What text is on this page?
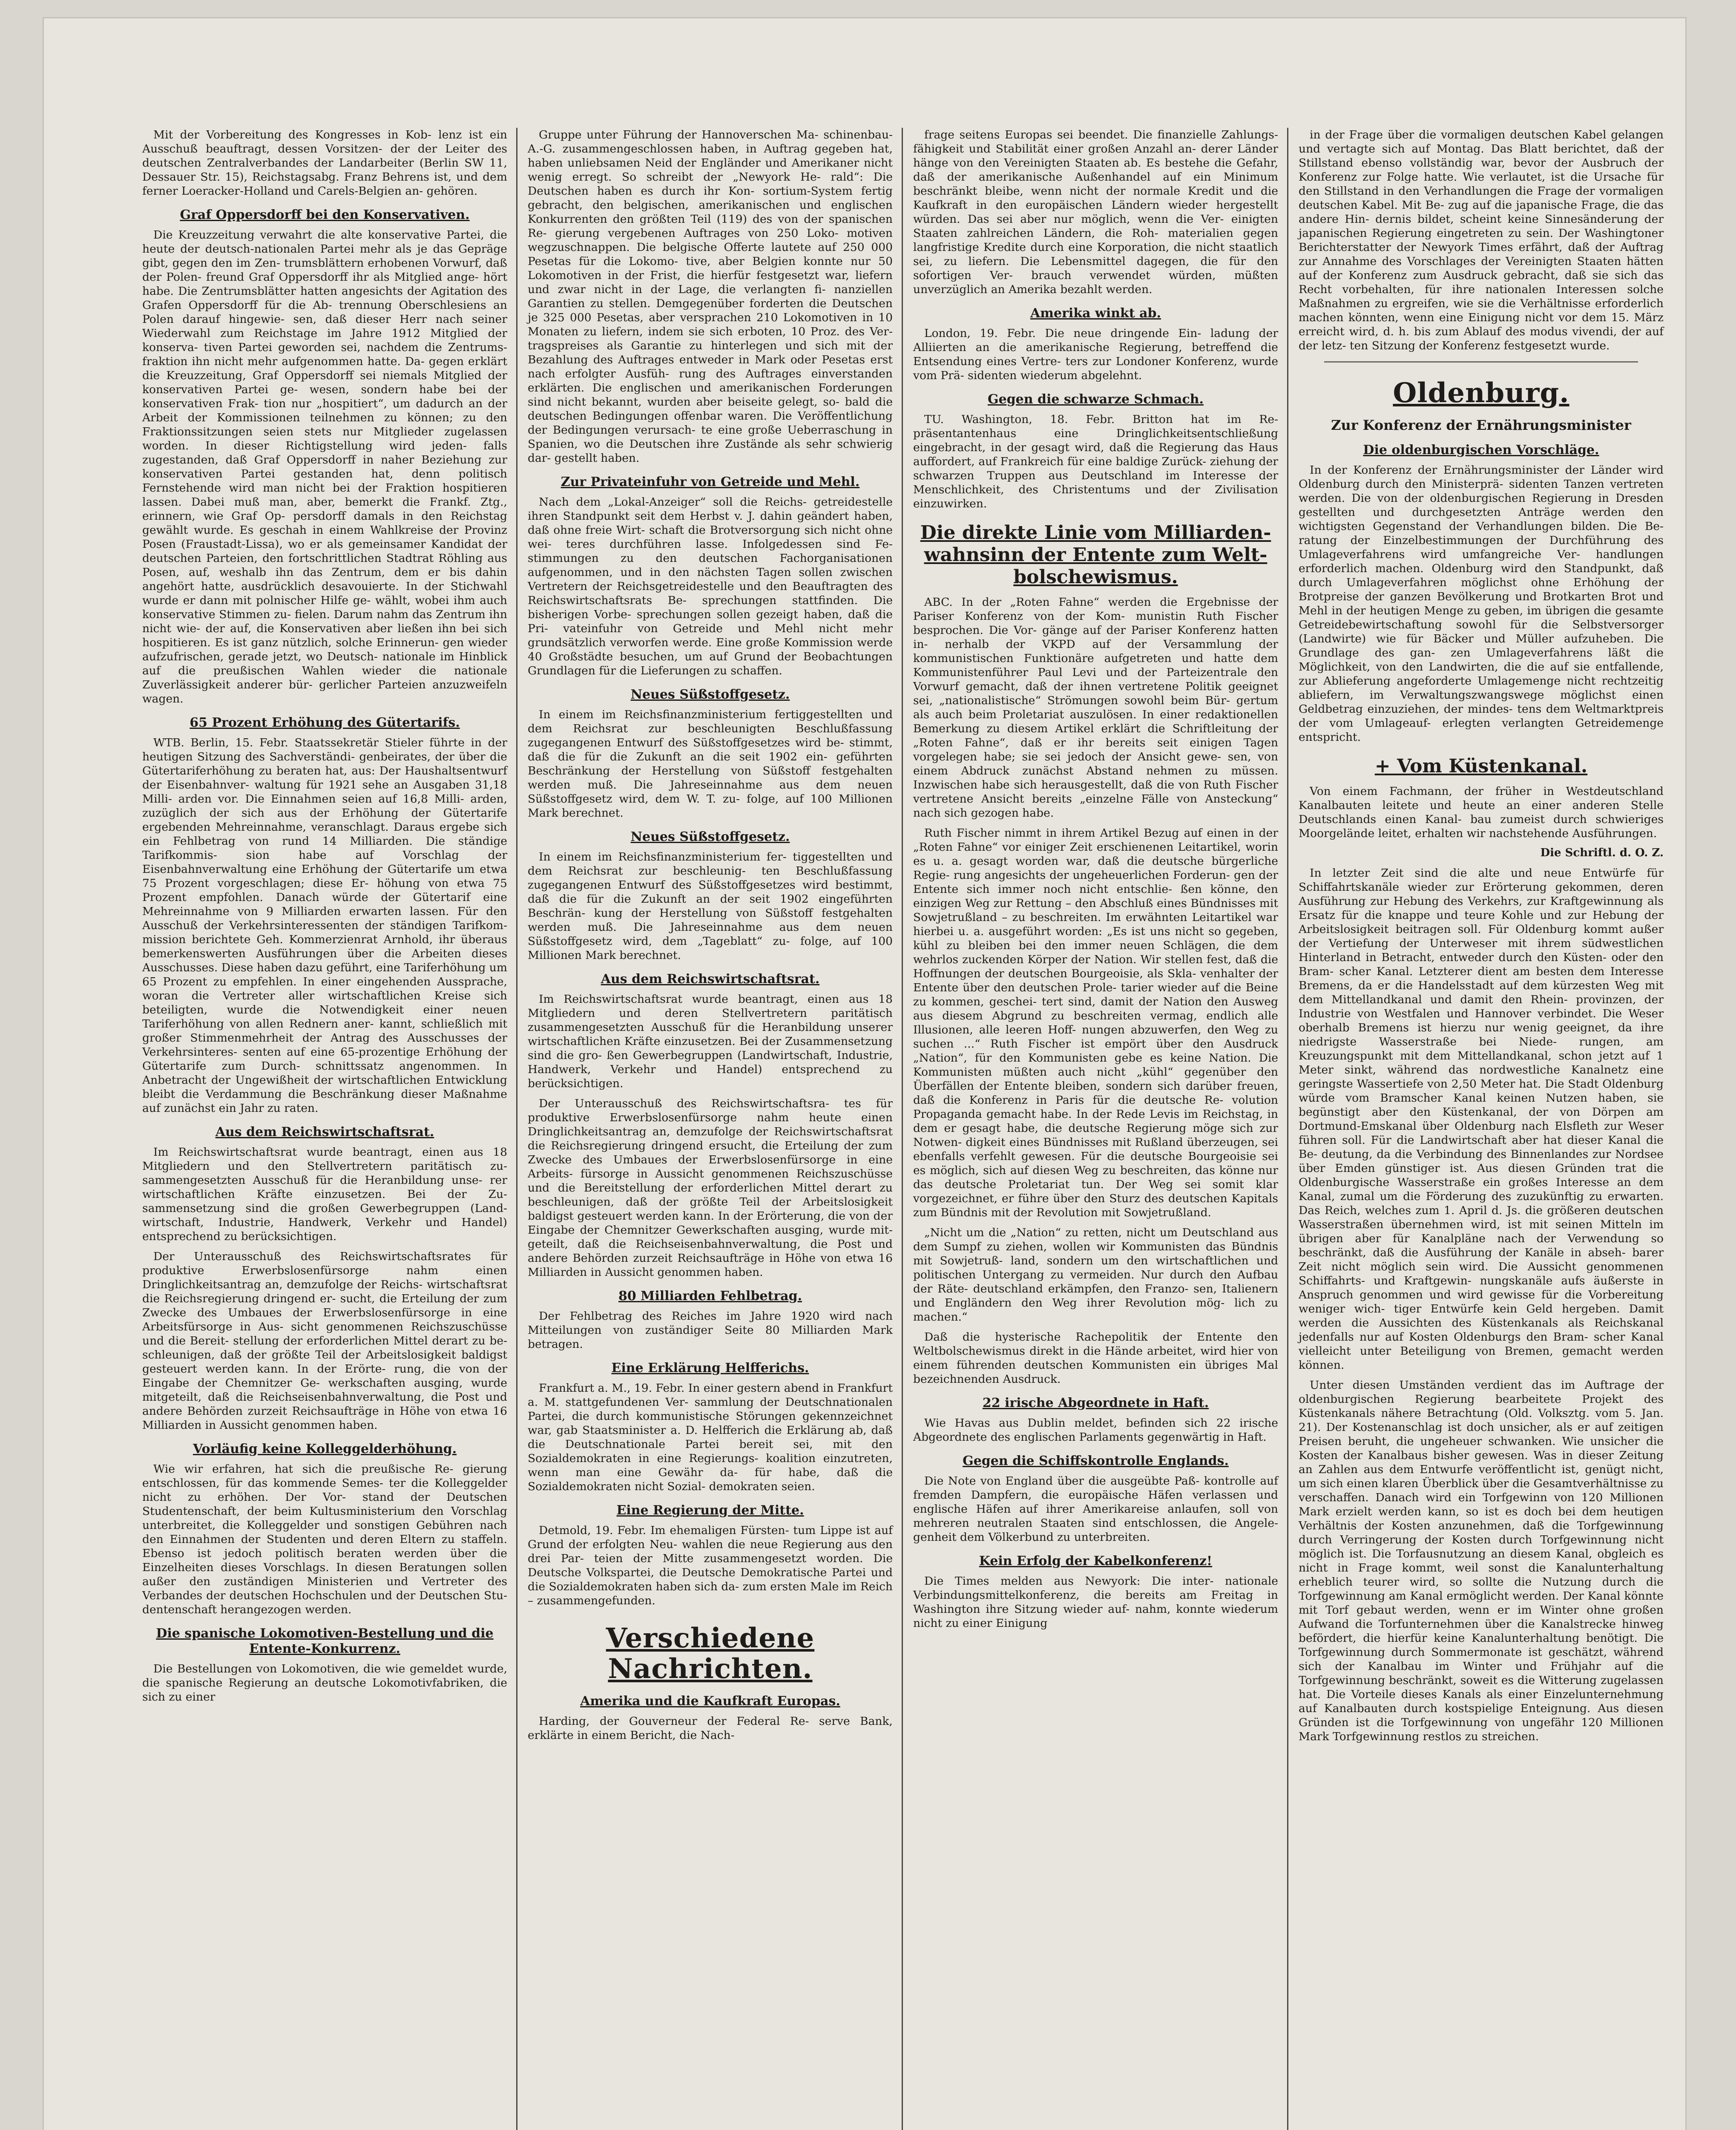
Mit der Vorbereitung des Kongresses in Kob- lenz ist ein Ausschuß beauftragt, dessen Vorsitzen- der der Leiter des deutschen Zentralverbandes der Landarbeiter (Berlin SW 11, Dessauer Str. 15), Reichstagsabg. Franz Behrens ist, und dem ferner Loeracker-Holland und Carels-Belgien an- gehören.

Graf Oppersdorff bei den Konservativen.

Die Kreuzzeitung verwahrt die alte konservative Partei, die heute der deutsch-nationalen Partei mehr als je das Gepräge gibt, gegen den im Zen- trumsblättern erhobenen Vorwurf, daß der Polen- freund Graf Oppersdorff ihr als Mitglied ange- hört habe. Die Zentrumsblätter hatten angesichts der Agitation des Grafen Oppersdorff für die Ab- trennung Oberschlesiens an Polen darauf hingewie- sen, daß dieser Herr nach seiner Wiederwahl zum Reichstage im Jahre 1912 Mitglied der konserva- tiven Partei geworden sei, nachdem die Zentrums- fraktion ihn nicht mehr aufgenommen hatte. Da- gegen erklärt die Kreuzzeitung, Graf Oppersdorff sei niemals Mitglied der konservativen Partei ge- wesen, sondern habe bei der konservativen Frak- tion nur „hospitiert“, um dadurch an der Arbeit der Kommissionen teilnehmen zu können; zu den Fraktionssitzungen seien stets nur Mitglieder zugelassen worden. In dieser Richtigstellung wird jeden- falls zugestanden, daß Graf Oppersdorff in naher Beziehung zur konservativen Partei gestanden hat, denn politisch Fernstehende wird man nicht bei der Fraktion hospitieren lassen. Dabei muß man, aber, bemerkt die Frankf. Ztg., erinnern, wie Graf Op- persdorff damals in den Reichstag gewählt wurde. Es geschah in einem Wahlkreise der Provinz Posen (Fraustadt-Lissa), wo er als gemeinsamer Kandidat der deutschen Parteien, den fortschrittlichen Stadtrat Röhling aus Posen, auf, weshalb ihn das Zentrum, dem er bis dahin angehört hatte, ausdrücklich desavouierte. In der Stichwahl wurde er dann mit polnischer Hilfe ge- wählt, wobei ihm auch konservative Stimmen zu- fielen. Darum nahm das Zentrum ihn nicht wie- der auf, die Konservativen aber ließen ihn bei sich hospitieren. Es ist ganz nützlich, solche Erinnerun- gen wieder aufzufrischen, gerade jetzt, wo Deutsch- nationale im Hinblick auf die preußischen Wahlen wieder die nationale Zuverlässigkeit anderer bür- gerlicher Parteien anzuzweifeln wagen.

65 Prozent Erhöhung des Gütertarifs.

WTB. Berlin, 15. Febr. Staatssekretär Stieler führte in der heutigen Sitzung des Sachverständi- genbeirates, der über die Gütertariferhöhung zu beraten hat, aus: Der Haushaltsentwurf der Eisenbahnver- waltung für 1921 sehe an Ausgaben 31,18 Milli- arden vor. Die Einnahmen seien auf 16,8 Milli- arden, zuzüglich der sich aus der Erhöhung der Gütertarife ergebenden Mehreinnahme, veranschlagt. Daraus ergebe sich ein Fehlbetrag von rund 14 Milliarden. Die ständige Tarifkommis- sion habe auf Vorschlag der Eisenbahnverwaltung eine Erhöhung der Gütertarife um etwa 75 Prozent vorgeschlagen; diese Er- höhung von etwa 75 Prozent empfohlen. Danach würde der Gütertarif eine Mehreinnahme von 9 Milliarden erwarten lassen. Für den Ausschuß der Verkehrsinteressenten der ständigen Tarifkom- mission berichtete Geh. Kommerzienrat Arnhold, ihr überaus bemerkenswerten Ausführungen über die Arbeiten dieses Ausschusses. Diese haben dazu geführt, eine Tariferhöhung um 65 Prozent zu empfehlen. In einer eingehenden Aussprache, woran die Vertreter aller wirtschaftlichen Kreise sich beteiligten, wurde die Notwendigkeit einer neuen Tariferhöhung von allen Rednern aner- kannt, schließlich mit großer Stimmenmehrheit der Antrag des Ausschusses der Verkehrsinteres- senten auf eine 65-prozentige Erhöhung der Gütertarife zum Durch- schnittssatz angenommen. In Anbetracht der Ungewißheit der wirtschaftlichen Entwicklung bleibt die Verdammung die Beschränkung dieser Maßnahme auf zunächst ein Jahr zu raten.

Aus dem Reichswirtschaftsrat.

Im Reichswirtschaftsrat wurde beantragt, einen aus 18 Mitgliedern und den Stellvertretern paritätisch zu- sammengesetzten Ausschuß für die Heranbildung unse- rer wirtschaftlichen Kräfte einzusetzen. Bei der Zu- sammensetzung sind die großen Gewerbegruppen (Land- wirtschaft, Industrie, Handwerk, Verkehr und Handel) entsprechend zu berücksichtigen.

Der Unterausschuß des Reichswirtschaftsrates für produktive Erwerbslosenfürsorge nahm einen Dringlichkeitsantrag an, demzufolge der Reichs- wirtschaftsrat die Reichsregierung dringend er- sucht, die Erteilung der zum Zwecke des Umbaues der Erwerbslosenfürsorge in eine Arbeitsfürsorge in Aus- sicht genommenen Reichszuschüsse und die Bereit- stellung der erforderlichen Mittel derart zu be- schleunigen, daß der größte Teil der Arbeitslosigkeit baldigst gesteuert werden kann. In der Erörte- rung, die von der Eingabe der Chemnitzer Ge- werkschaften ausging, wurde mitgeteilt, daß die Reichseisenbahnverwaltung, die Post und andere Behörden zurzeit Reichsaufträge in Höhe von etwa 16 Milliarden in Aussicht genommen haben.

Vorläufig keine Kolleggelderhöhung.

Wie wir erfahren, hat sich die preußische Re- gierung entschlossen, für das kommende Semes- ter die Kolleggelder nicht zu erhöhen. Der Vor- stand der Deutschen Studentenschaft, der beim Kultusministerium den Vorschlag unterbreitet, die Kolleggelder und sonstigen Gebühren nach den Einnahmen der Studenten und deren Eltern zu staffeln. Ebenso ist jedoch politisch beraten werden über die Einzelheiten dieses Vorschlags. In diesen Beratungen sollen außer den zuständigen Ministerien und Vertreter des Verbandes der deutschen Hochschulen und der Deutschen Stu- dentenschaft herangezogen werden.

Die spanische Lokomotiven-Bestellung und die Entente-Konkurrenz.

Die Bestellungen von Lokomotiven, die wie gemeldet wurde, die spanische Regierung an deutsche Lokomotivfabriken, die sich zu einer

Gruppe unter Führung der Hannoverschen Ma- schinenbau-A.-G. zusammengeschlossen haben, in Auftrag gegeben hat, haben unliebsamen Neid der Engländer und Amerikaner nicht wenig erregt. So schreibt der „Newyork He- rald“: Die Deutschen haben es durch ihr Kon- sortium-System fertig gebracht, den belgischen, amerikanischen und englischen Konkurrenten den größten Teil (119) des von der spanischen Re- gierung vergebenen Auftrages von 250 Loko- motiven wegzuschnappen. Die belgische Offerte lautete auf 250 000 Pesetas für die Lokomo- tive, aber Belgien konnte nur 50 Lokomotiven in der Frist, die hierfür festgesetzt war, liefern und zwar nicht in der Lage, die verlangten fi- nanziellen Garantien zu stellen. Demgegenüber forderten die Deutschen je 325 000 Pesetas, aber versprachen 210 Lokomotiven in 10 Monaten zu liefern, indem sie sich erboten, 10 Proz. des Ver- tragspreises als Garantie zu hinterlegen und sich mit der Bezahlung des Auftrages entweder in Mark oder Pesetas erst nach erfolgter Ausfüh- rung des Auftrages einverstanden erklärten. Die englischen und amerikanischen Forderungen sind nicht bekannt, wurden aber beiseite gelegt, so- bald die deutschen Bedingungen offenbar waren. Die Veröffentlichung der Bedingungen verursach- te eine große Ueberraschung in Spanien, wo die Deutschen ihre Zustände als sehr schwierig dar- gestellt haben.

Zur Privateinfuhr von Getreide und Mehl.

Nach dem „Lokal-Anzeiger“ soll die Reichs- getreidestelle ihren Standpunkt seit dem Herbst v. J. dahin geändert haben, daß ohne freie Wirt- schaft die Brotversorgung sich nicht ohne wei- teres durchführen lasse. Infolgedessen sind Fe- stimmungen zu den deutschen Fachorganisationen aufgenommen, und in den nächsten Tagen sollen zwischen Vertretern der Reichsgetreidestelle und den Beauftragten des Reichswirtschaftsrats Be- sprechungen stattfinden. Die bisherigen Vorbe- sprechungen sollen gezeigt haben, daß die Pri- vateinfuhr von Getreide und Mehl nicht mehr grundsätzlich verworfen werde. Eine große Kommission werde 40 Großstädte besuchen, um auf Grund der Beobachtungen Grundlagen für die Lieferungen zu schaffen.

Neues Süßstoffgesetz.

In einem im Reichsfinanzministerium fertiggestellten und dem Reichsrat zur beschleunigten Beschlußfassung zugegangenen Entwurf des Süßstoffgesetzes wird be- stimmt, daß die für die Zukunft an die seit 1902 ein- geführten Beschränkung der Herstellung von Süßstoff festgehalten werden muß. Die Jahreseinnahme aus dem neuen Süßstoffgesetz wird, dem W. T. zu- folge, auf 100 Millionen Mark berechnet.

Neues Süßstoffgesetz.

In einem im Reichsfinanzministerium fer- tiggestellten und dem Reichsrat zur beschleunig- ten Beschlußfassung zugegangenen Entwurf des Süßstoffgesetzes wird bestimmt, daß die für die Zukunft an der seit 1902 eingeführten Beschrän- kung der Herstellung von Süßstoff festgehalten werden muß. Die Jahreseinnahme aus dem neuen Süßstoffgesetz wird, dem „Tageblatt“ zu- folge, auf 100 Millionen Mark berechnet.

Aus dem Reichswirtschaftsrat.

Im Reichswirtschaftsrat wurde beantragt, einen aus 18 Mitgliedern und deren Stellvertretern paritätisch zusammengesetzten Ausschuß für die Heranbildung unserer wirtschaftlichen Kräfte einzusetzen. Bei der Zusammensetzung sind die gro- ßen Gewerbegruppen (Landwirtschaft, Industrie, Handwerk, Verkehr und Handel) entsprechend zu berücksichtigen.

Der Unterausschuß des Reichswirtschaftsra- tes für produktive Erwerbslosenfürsorge nahm heute einen Dringlichkeitsantrag an, demzufolge der Reichswirtschaftsrat die Reichsregierung dringend ersucht, die Erteilung der zum Zwecke des Umbaues der Erwerbslosenfürsorge in eine Arbeits- fürsorge in Aussicht genommenen Reichszuschüsse und die Bereitstellung der erforderlichen Mittel derart zu beschleunigen, daß der größte Teil der Arbeitslosigkeit baldigst gesteuert werden kann. In der Erörterung, die von der Eingabe der Chemnitzer Gewerkschaften ausging, wurde mit- geteilt, daß die Reichseisenbahnverwaltung, die Post und andere Behörden zurzeit Reichsaufträge in Höhe von etwa 16 Milliarden in Aussicht genommen haben.

80 Milliarden Fehlbetrag.

Der Fehlbetrag des Reiches im Jahre 1920 wird nach Mitteilungen von zuständiger Seite 80 Milliarden Mark betragen.

Eine Erklärung Helfferichs.

Frankfurt a. M., 19. Febr. In einer gestern abend in Frankfurt a. M. stattgefundenen Ver- sammlung der Deutschnationalen Partei, die durch kommunistische Störungen gekennzeichnet war, gab Staatsminister a. D. Helfferich die Erklärung ab, daß die Deutschnationale Partei bereit sei, mit den Sozialdemokraten in eine Regierungs- koalition einzutreten, wenn man eine Gewähr da- für habe, daß die Sozialdemokraten nicht Sozial- demokraten seien.

Eine Regierung der Mitte.

Detmold, 19. Febr. Im ehemaligen Fürsten- tum Lippe ist auf Grund der erfolgten Neu- wahlen die neue Regierung aus den drei Par- teien der Mitte zusammengesetzt worden. Die Deutsche Volkspartei, die Deutsche Demokratische Partei und die Sozialdemokraten haben sich da- zum ersten Male im Reich – zusammengefunden.

Verschiedene Nachrichten.
Amerika und die Kaufkraft Europas.

Harding, der Gouverneur der Federal Re- serve Bank, erklärte in einem Bericht, die Nach-

frage seitens Europas sei beendet. Die finanzielle Zahlungs- fähigkeit und Stabilität einer großen Anzahl an- derer Länder hänge von den Vereinigten Staaten ab. Es bestehe die Gefahr, daß der amerikanische Außenhandel auf ein Minimum beschränkt bleibe, wenn nicht der normale Kredit und die Kaufkraft in den europäischen Ländern wieder hergestellt würden. Das sei aber nur möglich, wenn die Ver- einigten Staaten zahlreichen Ländern, die Roh- materialien gegen langfristige Kredite durch eine Korporation, die nicht staatlich sei, zu liefern. Die Lebensmittel dagegen, die für den sofortigen Ver- brauch verwendet würden, müßten unverzüglich an Amerika bezahlt werden.

Amerika winkt ab.

London, 19. Febr. Die neue dringende Ein- ladung der Alliierten an die amerikanische Regierung, betreffend die Entsendung eines Vertre- ters zur Londoner Konferenz, wurde vom Prä- sidenten wiederum abgelehnt.

Gegen die schwarze Schmach.

TU. Washington, 18. Febr. Britton hat im Re- präsentantenhaus eine Dringlichkeitsentschließung eingebracht, in der gesagt wird, daß die Regierung das Haus auffordert, auf Frankreich für eine baldige Zurück- ziehung der schwarzen Truppen aus Deutschland im Interesse der Menschlichkeit, des Christentums und der Zivilisation einzuwirken.

Die direkte Linie vom Milliarden- wahnsinn der Entente zum Welt- bolschewismus.

ABC. In der „Roten Fahne“ werden die Ergebnisse der Pariser Konferenz von der Kom- munistin Ruth Fischer besprochen. Die Vor- gänge auf der Pariser Konferenz hatten in- nerhalb der VKPD auf der Versammlung der kommunistischen Funktionäre aufgetreten und hatte dem Kommunistenführer Paul Levi und der Parteizentrale den Vorwurf gemacht, daß der ihnen vertretene Politik geeignet sei, „nationalistische“ Strömungen sowohl beim Bür- gertum als auch beim Proletariat auszulösen. In einer redaktionellen Bemerkung zu diesem Artikel erklärt die Schriftleitung der „Roten Fahne“, daß er ihr bereits seit einigen Tagen vorgelegen habe; sie sei jedoch der Ansicht gewe- sen, von einem Abdruck zunächst Abstand nehmen zu müssen. Inzwischen habe sich herausgestellt, daß die von Ruth Fischer vertretene Ansicht bereits „einzelne Fälle von Ansteckung“ nach sich gezogen habe.

Ruth Fischer nimmt in ihrem Artikel Bezug auf einen in der „Roten Fahne“ vor einiger Zeit erschienenen Leitartikel, worin es u. a. gesagt worden war, daß die deutsche bürgerliche Regie- rung angesichts der ungeheuerlichen Forderun- gen der Entente sich immer noch nicht entschlie- ßen könne, den einzigen Weg zur Rettung – den Abschluß eines Bündnisses mit Sowjetrußland – zu beschreiten. Im erwähnten Leitartikel war hierbei u. a. ausgeführt worden: „Es ist uns nicht so gegeben, kühl zu bleiben bei den immer neuen Schlägen, die dem wehrlos zuckenden Körper der Nation. Wir stellen fest, daß die Hoffnungen der deutschen Bourgeoisie, als Skla- venhalter der Entente über den deutschen Prole- tarier wieder auf die Beine zu kommen, geschei- tert sind, damit der Nation den Ausweg aus diesem Abgrund zu beschreiten vermag, endlich alle Illusionen, alle leeren Hoff- nungen abzuwerfen, den Weg zu suchen ...“ Ruth Fischer ist empört über den Ausdruck „Nation“, für den Kommunisten gebe es keine Nation. Die Kommunisten müßten auch nicht „kühl“ gegenüber den Überfällen der Entente bleiben, sondern sich darüber freuen, daß die Konferenz in Paris für die deutsche Re- volution Propaganda gemacht habe. In der Rede Levis im Reichstag, in dem er gesagt habe, die deutsche Regierung möge sich zur Notwen- digkeit eines Bündnisses mit Rußland überzeugen, sei ebenfalls verfehlt gewesen. Für die deutsche Bourgeoisie sei es möglich, sich auf diesen Weg zu beschreiten, das könne nur das deutsche Proletariat tun. Der Weg sei somit klar vorgezeichnet, er führe über den Sturz des deutschen Kapitals zum Bündnis mit der Revolution mit Sowjetrußland.

„Nicht um die „Nation“ zu retten, nicht um Deutschland aus dem Sumpf zu ziehen, wollen wir Kommunisten das Bündnis mit Sowjetruß- land, sondern um den wirtschaftlichen und politischen Untergang zu vermeiden. Nur durch den Aufbau der Räte- deutschland erkämpfen, den Franzo- sen, Italienern und Engländern den Weg ihrer Revolution mög- lich zu machen.“

Daß die hysterische Rachepolitik der Entente den Weltbolschewismus direkt in die Hände arbeitet, wird hier von einem führenden deutschen Kommunisten ein übriges Mal bezeichnenden Ausdruck.

22 irische Abgeordnete in Haft.

Wie Havas aus Dublin meldet, befinden sich 22 irische Abgeordnete des englischen Parlaments gegenwärtig in Haft.

Gegen die Schiffskontrolle Englands.

Die Note von England über die ausgeübte Paß- kontrolle auf fremden Dampfern, die europäische Häfen verlassen und englische Häfen auf ihrer Amerikareise anlaufen, soll von mehreren neutralen Staaten sind entschlossen, die Angele- genheit dem Völkerbund zu unterbreiten.

Kein Erfolg der Kabelkonferenz!

Die Times melden aus Newyork: Die inter- nationale Verbindungsmittelkonferenz, die bereits am Freitag in Washington ihre Sitzung wieder auf- nahm, konnte wiederum nicht zu einer Einigung

in der Frage über die vormaligen deutschen Kabel gelangen und vertagte sich auf Montag. Das Blatt berichtet, daß der Stillstand ebenso vollständig war, bevor der Ausbruch der Konferenz zur Folge hatte. Wie verlautet, ist die Ursache für den Stillstand in den Verhandlungen die Frage der vormaligen deutschen Kabel. Mit Be- zug auf die japanische Frage, die das andere Hin- dernis bildet, scheint keine Sinnesänderung der japanischen Regierung eingetreten zu sein. Der Washingtoner Berichterstatter der Newyork Times erfährt, daß der Auftrag zur Annahme des Vorschlages der Vereinigten Staaten hätten auf der Konferenz zum Ausdruck gebracht, daß sie sich das Recht vorbehalten, für ihre nationalen Interessen solche Maßnahmen zu ergreifen, wie sie die Verhältnisse erforderlich machen könnten, wenn eine Einigung nicht vor dem 15. März erreicht wird, d. h. bis zum Ablauf des modus vivendi, der auf der letz- ten Sitzung der Konferenz festgesetzt wurde.

Oldenburg.
Zur Konferenz der Ernährungsminister
Die oldenburgischen Vorschläge.

In der Konferenz der Ernährungsminister der Länder wird Oldenburg durch den Ministerprä- sidenten Tanzen vertreten werden. Die von der oldenburgischen Regierung in Dresden gestellten und durchgesetzten Anträge werden den wichtigsten Gegenstand der Verhandlungen bilden. Die Be- ratung der Einzelbestimmungen der Durchführung des Umlageverfahrens wird umfangreiche Ver- handlungen erforderlich machen. Oldenburg wird den Standpunkt, daß durch Umlageverfahren möglichst ohne Erhöhung der Brotpreise der ganzen Bevölkerung und Brotkarten Brot und Mehl in der heutigen Menge zu geben, im übrigen die gesamte Getreidebewirtschaftung sowohl für die Selbstversorger (Landwirte) wie für Bäcker und Müller aufzuheben. Die Grundlage des gan- zen Umlageverfahrens läßt die Möglichkeit, von den Landwirten, die die auf sie entfallende, zur Ablieferung angeforderte Umlagemenge nicht rechtzeitig abliefern, im Verwaltungszwangswege möglichst einen Geldbetrag einzuziehen, der mindes- tens dem Weltmarktpreis der vom Umlageauf- erlegten verlangten Getreidemenge entspricht.

+ Vom Küstenkanal.

Von einem Fachmann, der früher in Westdeutschland Kanalbauten leitete und heute an einer anderen Stelle Deutschlands einen Kanal- bau zumeist durch schwieriges Moorgelände leitet, erhalten wir nachstehende Ausführungen.

Die Schriftl. d. O. Z.

In letzter Zeit sind die alte und neue Entwürfe für Schiffahrtskanäle wieder zur Erörterung gekommen, deren Ausführung zur Hebung des Verkehrs, zur Kraftgewinnung als Ersatz für die knappe und teure Kohle und zur Hebung der Arbeitslosigkeit beitragen soll. Für Oldenburg kommt außer der Vertiefung der Unterweser mit ihrem südwestlichen Hinterland in Betracht, entweder durch den Küsten- oder den Bram- scher Kanal. Letzterer dient am besten dem Interesse Bremens, da er die Handelsstadt auf dem kürzesten Weg mit dem Mittellandkanal und damit den Rhein- provinzen, der Industrie von Westfalen und Hannover verbindet. Die Weser oberhalb Bremens ist hierzu nur wenig geeignet, da ihre niedrigste Wasserstraße bei Niede- rungen, am Kreuzungspunkt mit dem Mittellandkanal, schon jetzt auf 1 Meter sinkt, während das nordwestliche Kanalnetz eine geringste Wassertiefe von 2,50 Meter hat. Die Stadt Oldenburg würde vom Bramscher Kanal keinen Nutzen haben, sie begünstigt aber den Küstenkanal, der von Dörpen am Dortmund-Emskanal über Oldenburg nach Elsfleth zur Weser führen soll. Für die Landwirtschaft aber hat dieser Kanal die Be- deutung, da die Verbindung des Binnenlandes zur Nordsee über Emden günstiger ist. Aus diesen Gründen trat die Oldenburgische Wasserstraße ein großes Interesse an dem Kanal, zumal um die Förderung des zuzukünftig zu erwarten. Das Reich, welches zum 1. April d. Js. die größeren deutschen Wasserstraßen übernehmen wird, ist mit seinen Mitteln im übrigen aber für Kanalpläne nach der Verwendung so beschränkt, daß die Ausführung der Kanäle in abseh- barer Zeit nicht möglich sein wird. Die Aussicht genommenen Schiffahrts- und Kraftgewin- nungskanäle aufs äußerste in Anspruch genommen und wird gewisse für die Vorbereitung weniger wich- tiger Entwürfe kein Geld hergeben. Damit werden die Aussichten des Küstenkanals als Reichskanal jedenfalls nur auf Kosten Oldenburgs den Bram- scher Kanal vielleicht unter Beteiligung von Bremen, gemacht werden können.

Unter diesen Umständen verdient das im Auftrage der oldenburgischen Regierung bearbeitete Projekt des Küstenkanals nähere Betrachtung (Old. Volksztg. vom 5. Jan. 21). Der Kostenanschlag ist doch unsicher, als er auf zeitigen Preisen beruht, die ungeheuer schwanken. Wie unsicher die Kosten der Kanalbaus bisher gewesen. Was in dieser Zeitung an Zahlen aus dem Entwurfe veröffentlicht ist, genügt nicht, um sich einen klaren Überblick über die Gesamtverhältnisse zu verschaffen. Danach wird ein Torfgewinn von 120 Millionen Mark erzielt werden kann, so ist es doch bei dem heutigen Verhältnis der Kosten anzunehmen, daß die Torfgewinnung durch Verringerung der Kosten durch Torfgewinnung nicht möglich ist. Die Torfausnutzung an diesem Kanal, obgleich es nicht in Frage kommt, weil sonst die Kanalunterhaltung erheblich teurer wird, so sollte die Nutzung durch die Torfgewinnung am Kanal ermöglicht werden. Der Kanal könnte mit Torf gebaut werden, wenn er im Winter ohne großen Aufwand die Torfunternehmen über die Kanalstrecke hinweg befördert, die hierfür keine Kanalunterhaltung benötigt. Die Torfgewinnung durch Sommermonate ist geschätzt, während sich der Kanalbau im Winter und Frühjahr auf die Torfgewinnung beschränkt, soweit es die Witterung zugelassen hat. Die Vorteile dieses Kanals als einer Einzelunternehmung auf Kanalbauten durch kostspielige Enteignung. Aus diesen Gründen ist die Torfgewinnung von ungefähr 120 Millionen Mark Torfgewinnung restlos zu streichen.
